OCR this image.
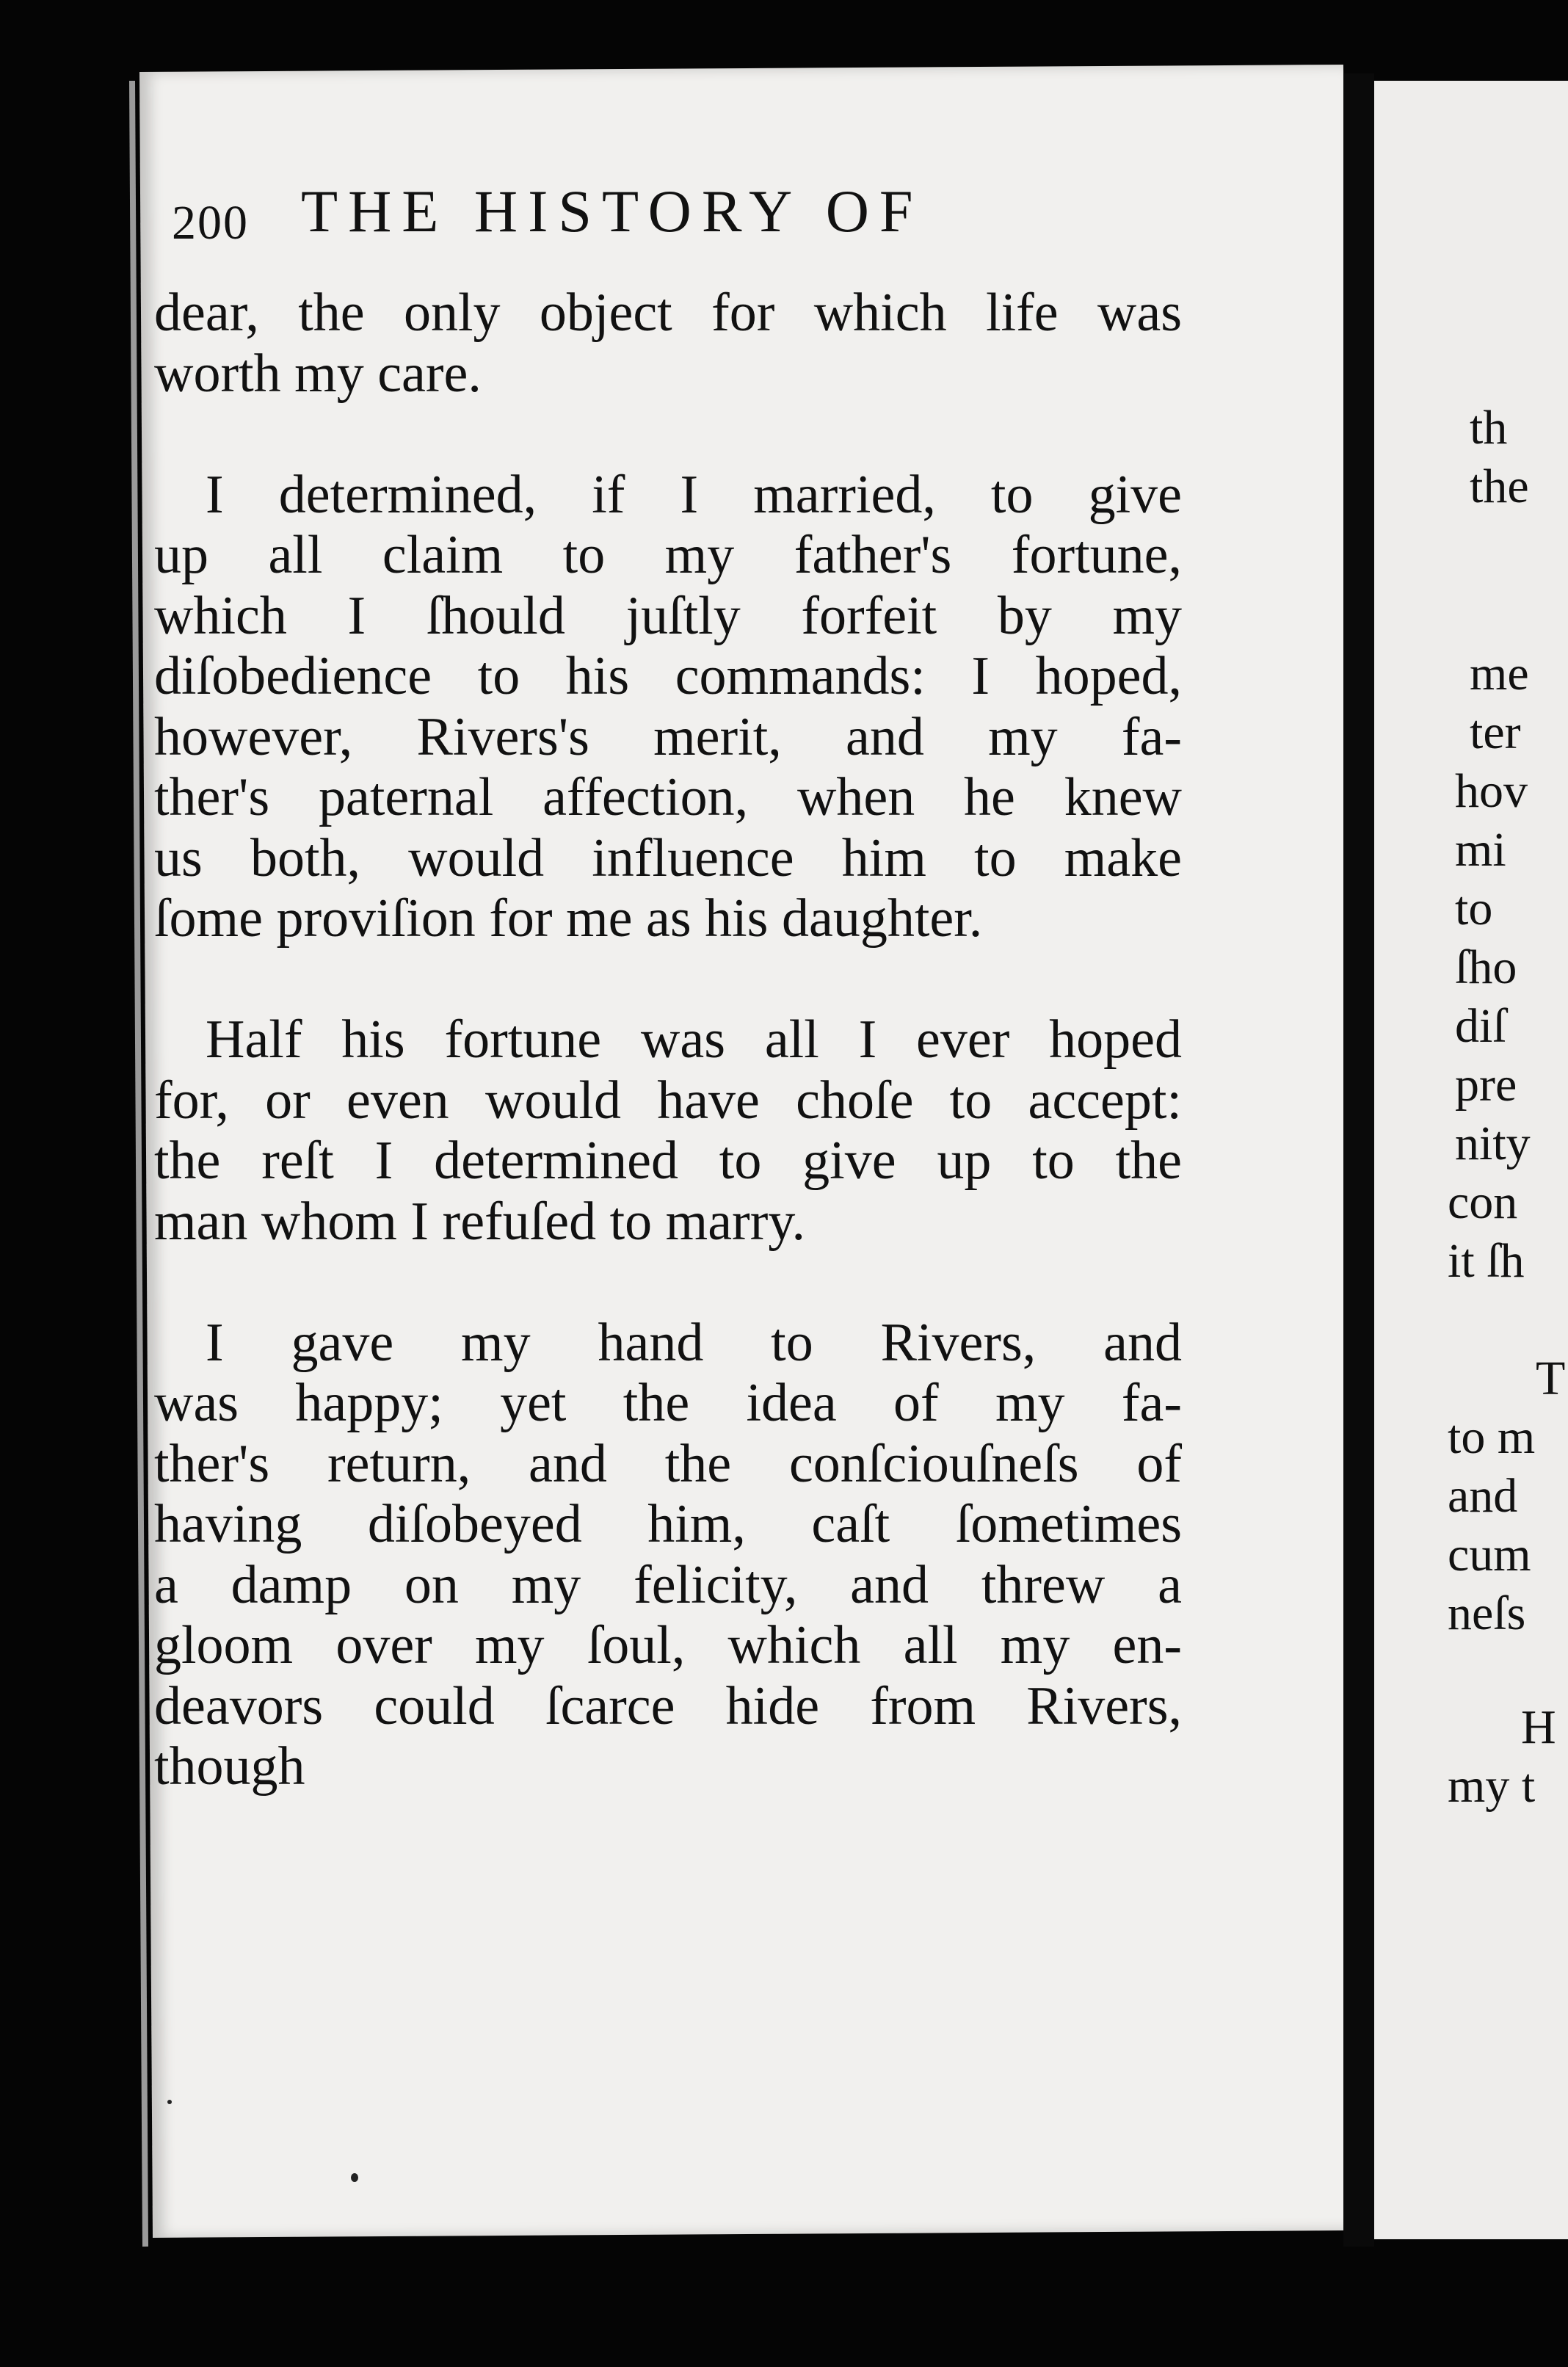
200 THE HISTORY OF
dear, the only object for which life was
worth my care.
I determined, if I married, to give
up all claim to my father's fortune,
which I ſhould juſtly forfeit by my
diſobedience to his commands: I hoped,
however, Rivers's merit, and my fa-
ther's paternal affection, when he knew
us both, would influence him to make
ſome proviſion for me as his daughter.
Half his fortune was all I ever hoped
for, or even would have choſe to accept:
the reſt I determined to give up to the
man whom I refuſed to marry.
I gave my hand to Rivers, and
was happy; yet the idea of my fa-
ther's return, and the conſciouſneſs of
having diſobeyed him, caſt ſometimes
a damp on my felicity, and threw a
gloom over my ſoul, which all my en-
deavors could ſcarce hide from Rivers,
though
th
the
me
ter
hov
mi
to
ſho
diſ
pre
nity
con
it ſh
T
to m
and
cum
neſs
H
my t
